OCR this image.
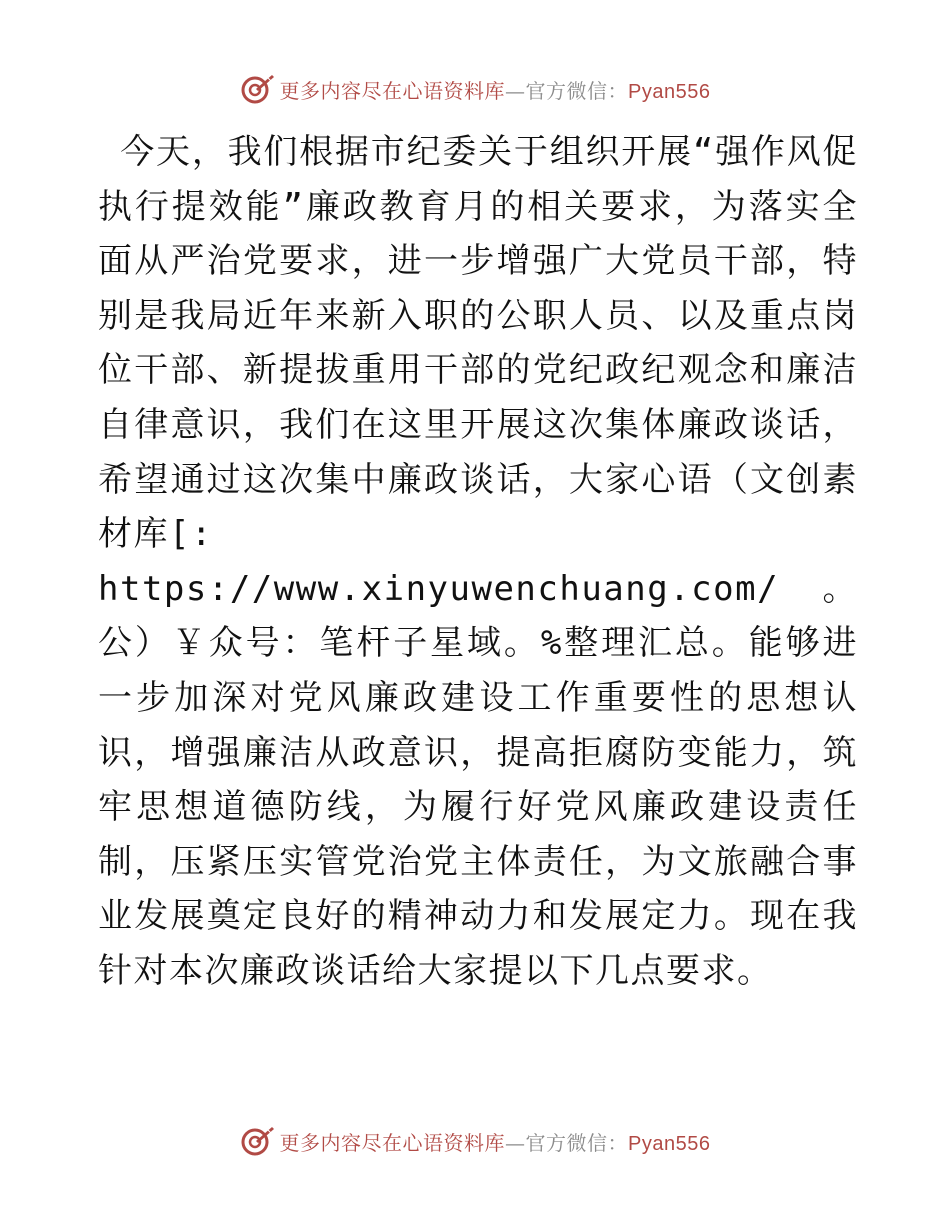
更多内容尽在心语资料库—官方微信：Pyan556

今天，我们根据市纪委关于组织开展“强作风促执行提效能”廉政教育月的相关要求，为落实全面从严治党要求，进一步增强广大党员干部，特别是我局近年来新入职的公职人员、以及重点岗位干部、新提拔重用干部的党纪政纪观念和廉洁自律意识，我们在这里开展这次集体廉政谈话，希望通过这次集中廉政谈话，大家心语（文创素材库[:
https://www.xinyuwenchuang.com/。公）￥众号：笔杆子星域。%整理汇总。能够进一步加深对党风廉政建设工作重要性的思想认识，增强廉洁从政意识，提高拒腐防变能力，筑牢思想道德防线，为履行好党风廉政建设责任制，压紧压实管党治党主体责任，为文旅融合事业发展奠定良好的精神动力和发展定力。现在我针对本次廉政谈话给大家提以下几点要求。

更多内容尽在心语资料库—官方微信：Pyan556
